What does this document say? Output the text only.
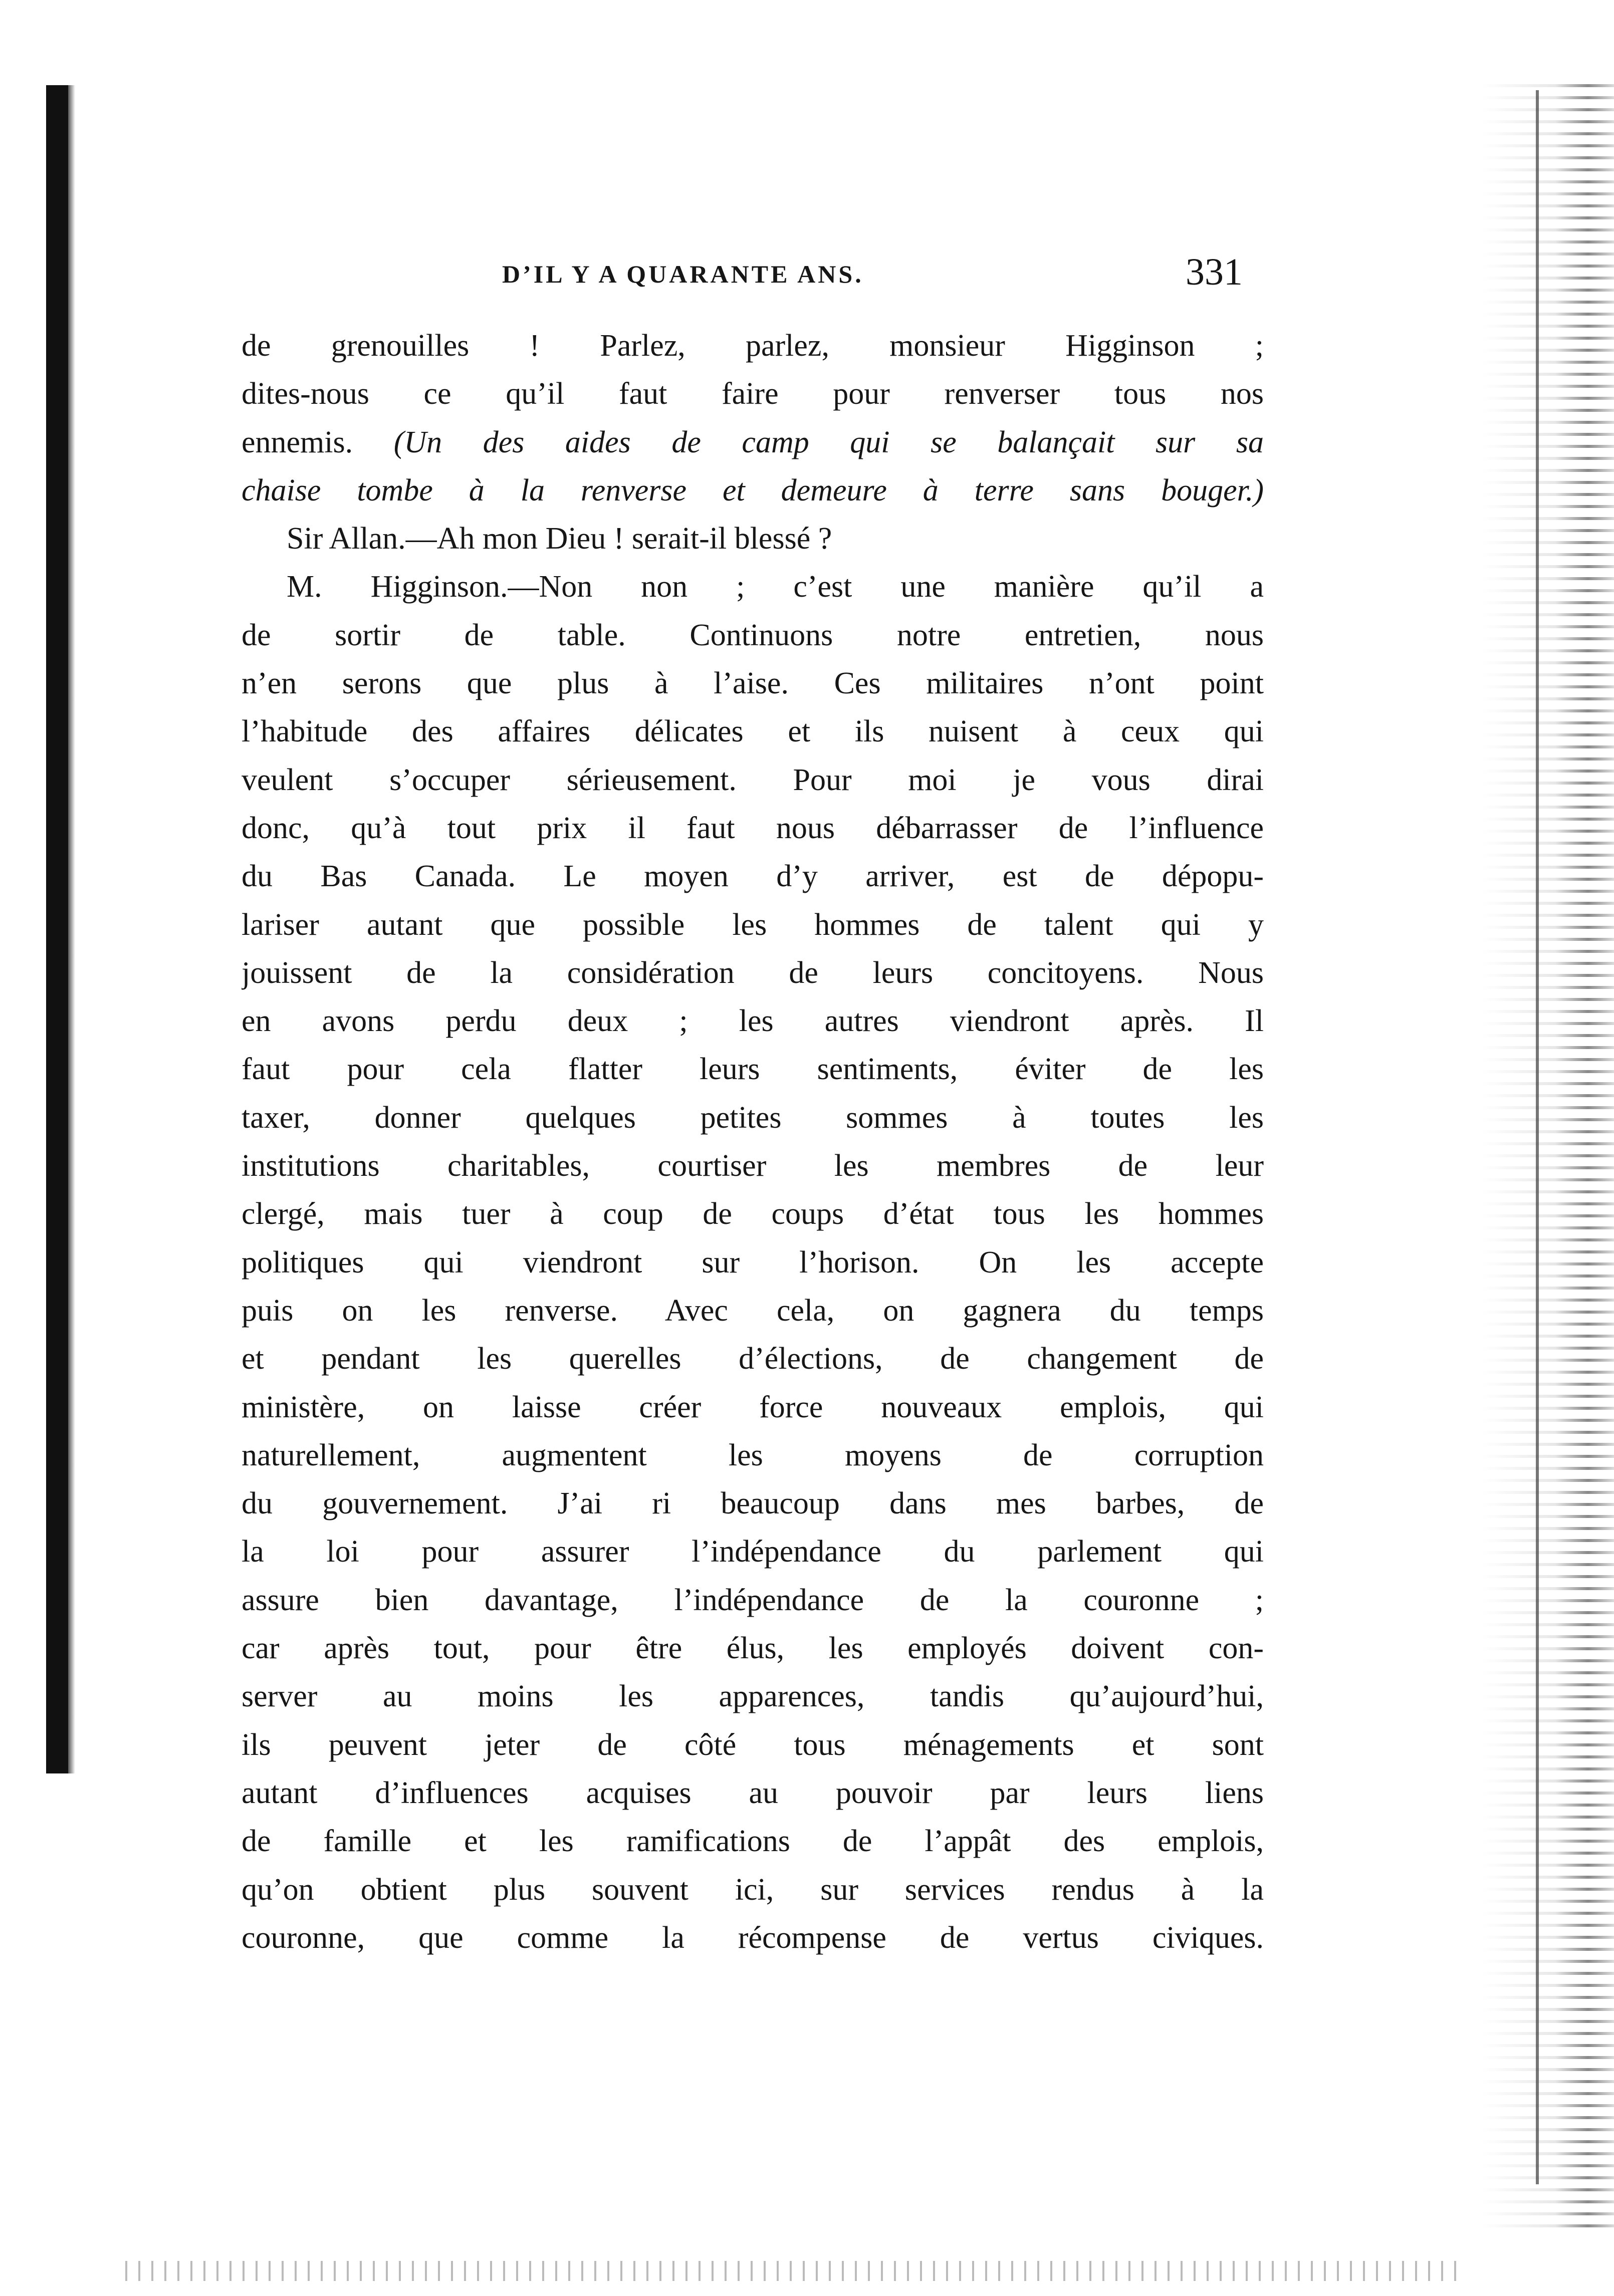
D’IL Y A QUARANTE ANS.	331
de grenouilles ! Parlez, parlez, monsieur Higginson ;
dites-nous ce qu’il faut faire pour renverser tous nos
ennemis. (Un des aides de camp qui se balançait sur sa
chaise tombe à la renverse et demeure à terre sans bouger.)
Sir Allan.—Ah mon Dieu ! serait-il blessé ?
M. Higginson.—Non non ; c’est une manière qu’il a
de sortir de table. Continuons notre entretien, nous
n’en serons que plus à l’aise. Ces militaires n’ont point
l’habitude des affaires délicates et ils nuisent à ceux qui
veulent s’occuper sérieusement. Pour moi je vous dirai
donc, qu’à tout prix il faut nous débarrasser de l’influence
du Bas Canada. Le moyen d’y arriver, est de dépopu-
lariser autant que possible les hommes de talent qui y
jouissent de la considération de leurs concitoyens. Nous
en avons perdu deux ; les autres viendront après. Il
faut pour cela flatter leurs sentiments, éviter de les
taxer, donner quelques petites sommes à toutes les
institutions charitables, courtiser les membres de leur
clergé, mais tuer à coup de coups d’état tous les hommes
politiques qui viendront sur l’horison. On les accepte
puis on les renverse. Avec cela, on gagnera du temps
et pendant les querelles d’élections, de changement de
ministère, on laisse créer force nouveaux emplois, qui
naturellement, augmentent les moyens de corruption
du gouvernement. J’ai ri beaucoup dans mes barbes, de
la loi pour assurer l’indépendance du parlement qui
assure bien davantage, l’indépendance de la couronne ;
car après tout, pour être élus, les employés doivent con-
server au moins les apparences, tandis qu’aujourd’hui,
ils peuvent jeter de côté tous ménagements et sont
autant d’influences acquises au pouvoir par leurs liens
de famille et les ramifications de l’appât des emplois,
qu’on obtient plus souvent ici, sur services rendus à la
couronne, que comme la récompense de vertus civiques.
